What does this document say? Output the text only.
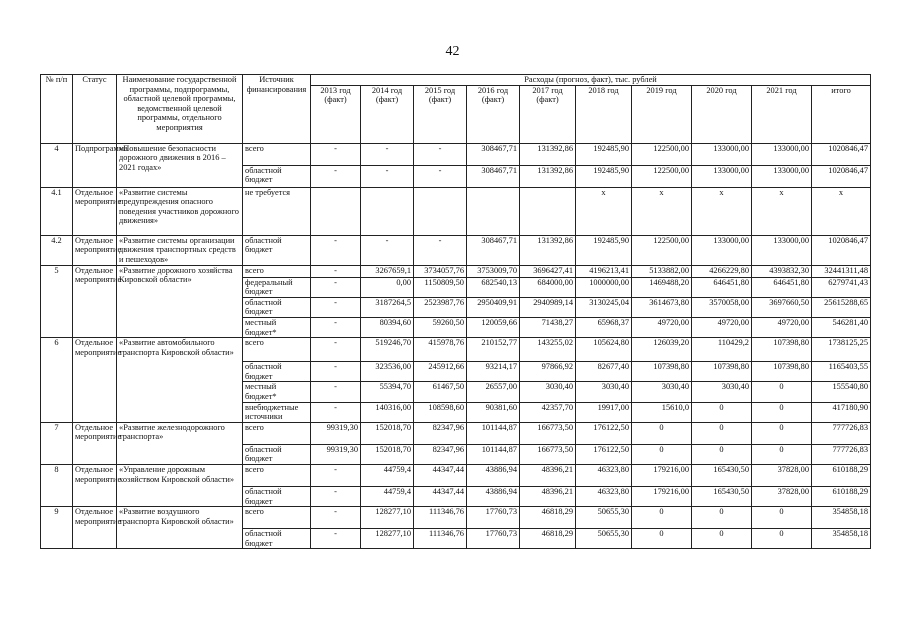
42
№ п/п	Статус	Наименование государственной программы, подпрограммы, областной целевой программы, ведомственной целевой программы, отдельного мероприятия	Источник финансирования	Расходы (прогноз, факт), тыс. рублей									
				2013 год (факт)	2014 год (факт)	2015 год (факт)	2016 год (факт)	2017 год (факт)	2018 год	2019 год	2020 год	2021 год	итого
4	Подпрограмма	«Повышение безопасности дорожного движения в 2016 – 2021 годах»	всего	-	-	-	308467,71	131392,86	192485,90	122500,00	133000,00	133000,00	1020846,47
			областной бюджет	-	-	-	308467,71	131392,86	192485,90	122500,00	133000,00	133000,00	1020846,47
4.1	Отдельное мероприятие	«Развитие системы предупреждения опасного поведения участников дорожного движения»	не требуется						x	x	x	x	x
4.2	Отдельное мероприятие	«Развитие системы организации движения транспортных средств и пешеходов»	областной бюджет	-	-	-	308467,71	131392,86	192485,90	122500,00	133000,00	133000,00	1020846,47
5	Отдельное мероприятие	«Развитие дорожного хозяйства Кировской области»	всего	-	3267659,1	3734057,76	3753009,70	3696427,41	4196213,41	5133882,00	4266229,80	4393832,30	32441311,48
			федеральный бюджет	-	0,00	1150809,50	682540,13	684000,00	1000000,00	1469488,20	646451,80	646451,80	6279741,43
			областной бюджет	-	3187264,5	2523987,76	2950409,91	2940989,14	3130245,04	3614673,80	3570058,00	3697660,50	25615288,65
			местный бюджет*	-	80394,60	59260,50	120059,66	71438,27	65968,37	49720,00	49720,00	49720,00	546281,40
6	Отдельное мероприятие	«Развитие автомобильного транспорта Кировской области»	всего	-	519246,70	415978,76	210152,77	143255,02	105624,80	126039,20	110429,2	107398,80	1738125,25
			областной бюджет	-	323536,00	245912,66	93214,17	97866,92	82677,40	107398,80	107398,80	107398,80	1165403,55
			местный бюджет*	-	55394,70	61467,50	26557,00	3030,40	3030,40	3030,40	3030,40	0	155540,80
			внебюджетные источники	-	140316,00	108598,60	90381,60	42357,70	19917,00	15610,0	0	0	417180,90
7	Отдельное мероприятие	«Развитие железнодорожного транспорта»	всего	99319,30	152018,70	82347,96	101144,87	166773,50	176122,50	0	0	0	777726,83
			областной бюджет	99319,30	152018,70	82347,96	101144,87	166773,50	176122,50	0	0	0	777726,83
8	Отдельное мероприятие	«Управление дорожным хозяйством Кировской области»	всего	-	44759,4	44347,44	43886,94	48396,21	46323,80	179216,00	165430,50	37828,00	610188,29
			областной бюджет	-	44759,4	44347,44	43886,94	48396,21	46323,80	179216,00	165430,50	37828,00	610188,29
9	Отдельное мероприятие	«Развитие воздушного транспорта Кировской области»	всего	-	128277,10	111346,76	17760,73	46818,29	50655,30	0	0	0	354858,18
			областной бюджет	-	128277,10	111346,76	17760,73	46818,29	50655,30	0	0	0	354858,18
